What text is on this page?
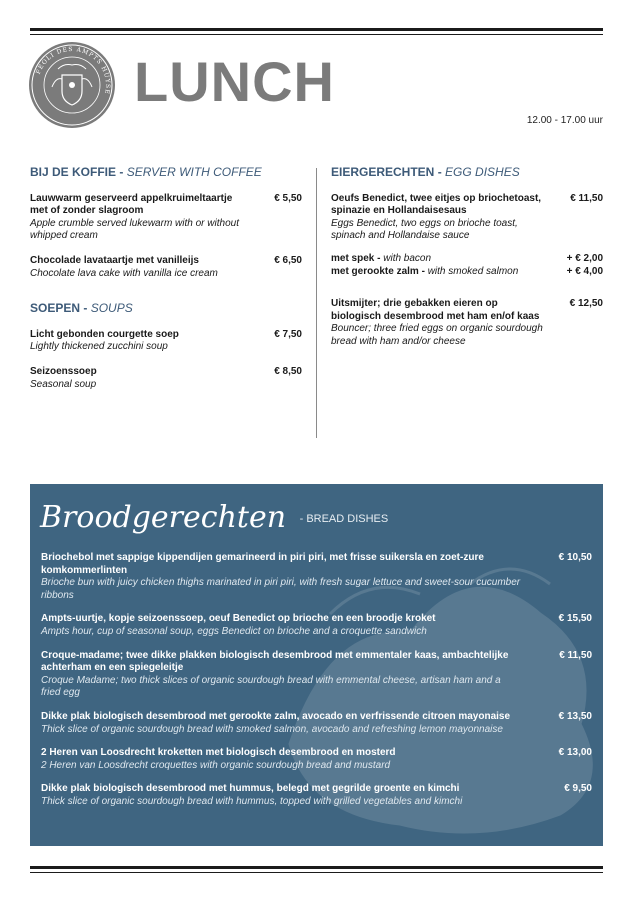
FEOLI DES AMPTS HUYSE LUNCH
12.00 - 17.00 uur
BIJ DE KOFFIE - SERVER WITH COFFEE
Lauwwarm geserveerd appelkruimeltaartje met of zonder slagroom
Apple crumble served lukewarm with or without whipped cream
€ 5,50
Chocolade lavataartje met vanilleijs
Chocolate lava cake with vanilla ice cream
€ 6,50
SOEPEN - SOUPS
Licht gebonden courgette soep
Lightly thickened zucchini soup
€ 7,50
Seizoenssoep
Seasonal soup
€ 8,50
EIERGERECHTEN - EGG DISHES
Oeufs Benedict, twee eitjes op briochetoast, spinazie en Hollandaisesaus
Eggs Benedict, two eggs on brioche toast, spinach and Hollandaise sauce
€ 11,50
met spek - with bacon	+ € 2,00
met gerookte zalm - with smoked salmon	+ € 4,00
Uitsmijter; drie gebakken eieren op biologisch desembrood met ham en/of kaas
Bouncer; three fried eggs on organic sourdough bread with ham and/or cheese
€ 12,50
Broodgerechten - BREAD DISHES
Briochebol met sappige kippendijen gemarineerd in piri piri, met frisse suikersla en zoet-zure komkommerlinten
Brioche bun with juicy chicken thighs marinated in piri piri, with fresh sugar lettuce and sweet-sour cucumber ribbons
€ 10,50
Ampts-uurtje, kopje seizoenssoep, oeuf Benedict op brioche en een broodje kroket
Ampts hour, cup of seasonal soup, eggs Benedict on brioche and a croquette sandwich
€ 15,50
Croque-madame; twee dikke plakken biologisch desembrood met emmentaler kaas, ambachtelijke achterham en een spiegeleitje
Croque Madame; two thick slices of organic sourdough bread with emmental cheese, artisan ham and a fried egg
€ 11,50
Dikke plak biologisch desembrood met gerookte zalm, avocado en verfrissende citroen mayonaise
Thick slice of organic sourdough bread with smoked salmon, avocado and refreshing lemon mayonnaise
€ 13,50
2 Heren van Loosdrecht kroketten met biologisch desembrood en mosterd
2 Heren van Loosdrecht croquettes with organic sourdough bread and mustard
€ 13,00
Dikke plak biologisch desembrood met hummus, belegd met gegrilde groente en kimchi
Thick slice of organic sourdough bread with hummus, topped with grilled vegetables and kimchi
€ 9,50
